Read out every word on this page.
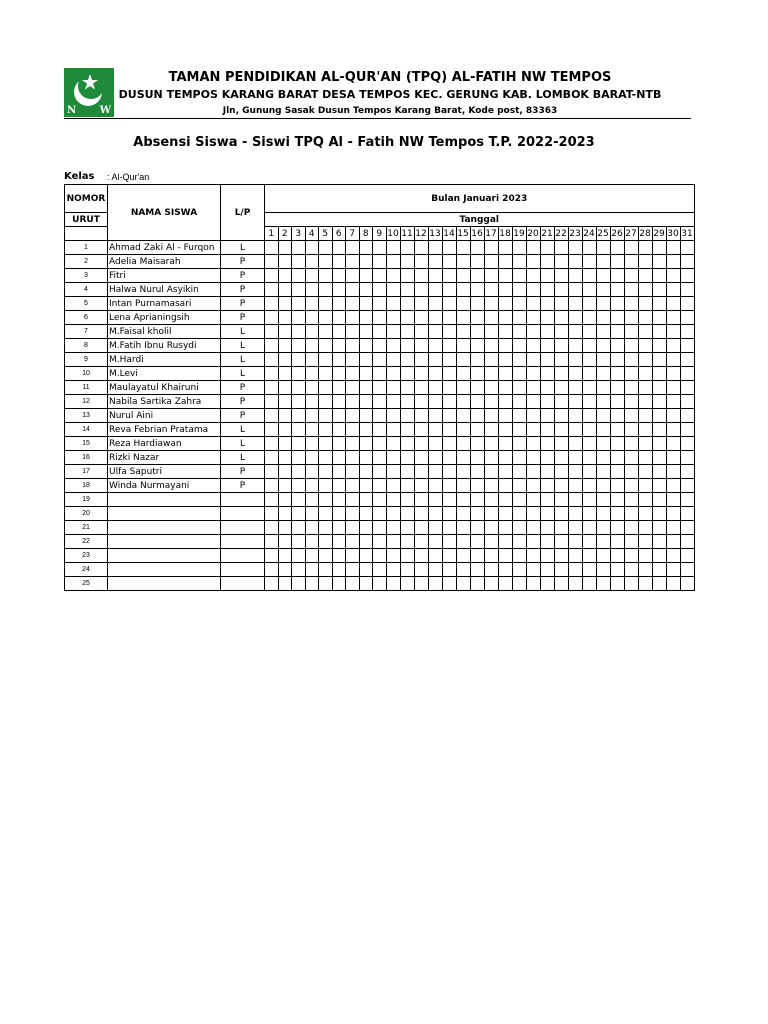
N W
TAMAN PENDIDIKAN AL-QUR'AN (TPQ) AL-FATIH NW TEMPOS
DUSUN TEMPOS KARANG BARAT DESA TEMPOS KEC. GERUNG KAB. LOMBOK BARAT-NTB
Jln, Gunung Sasak Dusun Tempos Karang Barat, Kode post, 83363
Absensi Siswa - Siswi TPQ Al - Fatih NW Tempos T.P. 2022-2023
Kelas : Al-Qur'an
NOMOR	NAMA SISWA	L/P	Bulan Januari 2023																														
URUT			Tanggal																														
			1	2	3	4	5	6	7	8	9	10	11	12	13	14	15	16	17	18	19	20	21	22	23	24	25	26	27	28	29	30	31
1	Ahmad Zaki Al - Furqon	L																															
2	Adelia Maisarah	P																															
3	Fitri	P																															
4	Halwa Nurul Asyikin	P																															
5	Intan Purnamasari	P																															
6	Lena Aprianingsih	P																															
7	M.Faisal kholil	L																															
8	M.Fatih Ibnu Rusydi	L																															
9	M.Hardi	L																															
10	M.Levi	L																															
11	Maulayatul Khairuni	P																															
12	Nabila Sartika Zahra	P																															
13	Nurul Aini	P																															
14	Reva Febrian Pratama	L																															
15	Reza Hardiawan	L																															
16	Rizki Nazar	L																															
17	Ulfa Saputri	P																															
18	Winda Nurmayani	P																															
19																																	
20																																	
21																																	
22																																	
23																																	
24																																	
25																																	
